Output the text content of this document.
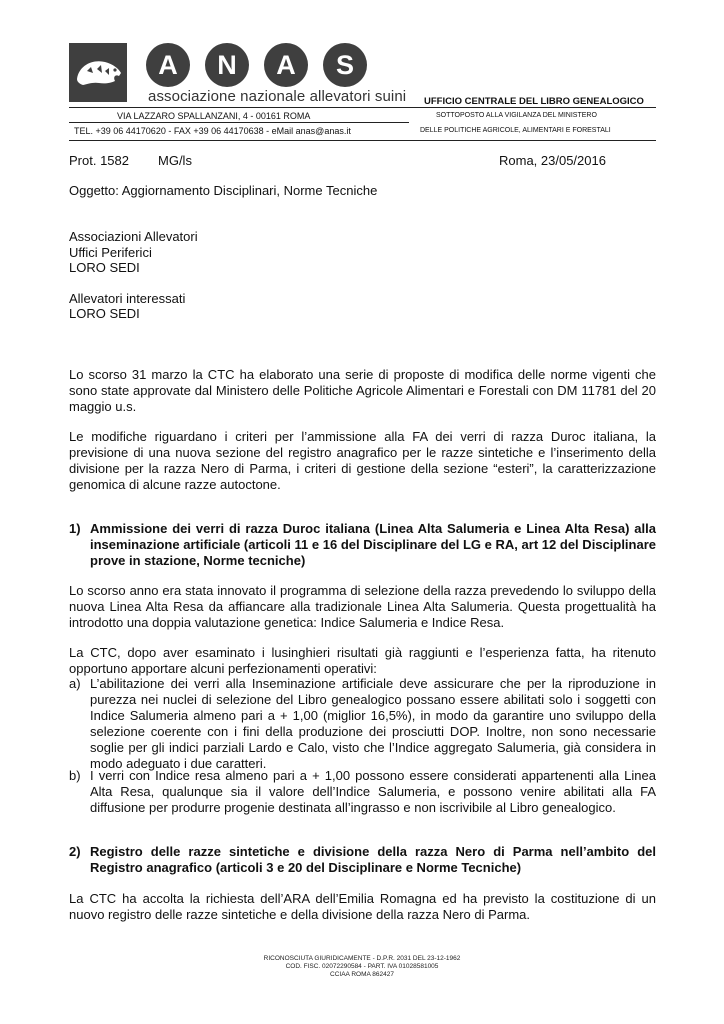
A	N	A	S
associazione nazionale allevatori suini UFFICIO CENTRALE DEL LIBRO GENEALOGICO
VIA LAZZARO SPALLANZANI, 4 - 00161 ROMA	SOTTOPOSTO ALLA VIGILANZA DEL MINISTERO
TEL. +39 06 44170620 - FAX +39 06 44170638 - eMail anas@anas.it	DELLE POLITICHE AGRICOLE, ALIMENTARI E FORESTALI
Prot. 1582 MG/ls	Roma, 23/05/2016
Oggetto: Aggiornamento Disciplinari, Norme Tecniche
Associazioni Allevatori
Uffici Periferici
LORO SEDI
Allevatori interessati
LORO SEDI

Lo scorso 31 marzo la CTC ha elaborato una serie di proposte di modifica delle norme vigenti che sono state approvate dal Ministero delle Politiche Agricole Alimentari e Forestali con DM 11781 del 20 maggio u.s.

Le modifiche riguardano i criteri per l’ammissione alla FA dei verri di razza Duroc italiana, la previsione di una nuova sezione del registro anagrafico per le razze sintetiche e l’inserimento della divisione per la razza Nero di Parma, i criteri di gestione della sezione “esteri”, la caratterizzazione genomica di alcune razze autoctone.

1) Ammissione dei verri di razza Duroc italiana (Linea Alta Salumeria e Linea Alta Resa) alla inseminazione artificiale (articoli 11 e 16 del Disciplinare del LG e RA, art 12 del Disciplinare prove in stazione, Norme tecniche)

Lo scorso anno era stata innovato il programma di selezione della razza prevedendo lo sviluppo della nuova Linea Alta Resa da affiancare alla tradizionale Linea Alta Salumeria. Questa progettualità ha introdotto una doppia valutazione genetica: Indice Salumeria e Indice Resa.

La CTC, dopo aver esaminato i lusinghieri risultati già raggiunti e l’esperienza fatta, ha ritenuto opportuno apportare alcuni perfezionamenti operativi:

a) L’abilitazione dei verri alla Inseminazione artificiale deve assicurare che per la riproduzione in purezza nei nuclei di selezione del Libro genealogico possano essere abilitati solo i soggetti con Indice Salumeria almeno pari a + 1,00 (miglior 16,5%), in modo da garantire uno sviluppo della selezione coerente con i fini della produzione dei prosciutti DOP. Inoltre, non sono necessarie soglie per gli indici parziali Lardo e Calo, visto che l’Indice aggregato Salumeria, già considera in modo adeguato i due caratteri.
b) I verri con Indice resa almeno pari a + 1,00 possono essere considerati appartenenti alla Linea Alta Resa, qualunque sia il valore dell’Indice Salumeria, e possono venire abilitati alla FA diffusione per produrre progenie destinata all’ingrasso e non iscrivibile al Libro genealogico.
2) Registro delle razze sintetiche e divisione della razza Nero di Parma nell’ambito del Registro anagrafico (articoli 3 e 20 del Disciplinare e Norme Tecniche)

La CTC ha accolta la richiesta dell’ARA dell’Emilia Romagna ed ha previsto la costituzione di un nuovo registro delle razze sintetiche e della divisione della razza Nero di Parma.

RICONOSCIUTA GIURIDICAMENTE - D.P.R. 2031 DEL 23-12-1962
COD. FISC. 02072290584 - PART. IVA 01028581005
CCIAA ROMA 862427
